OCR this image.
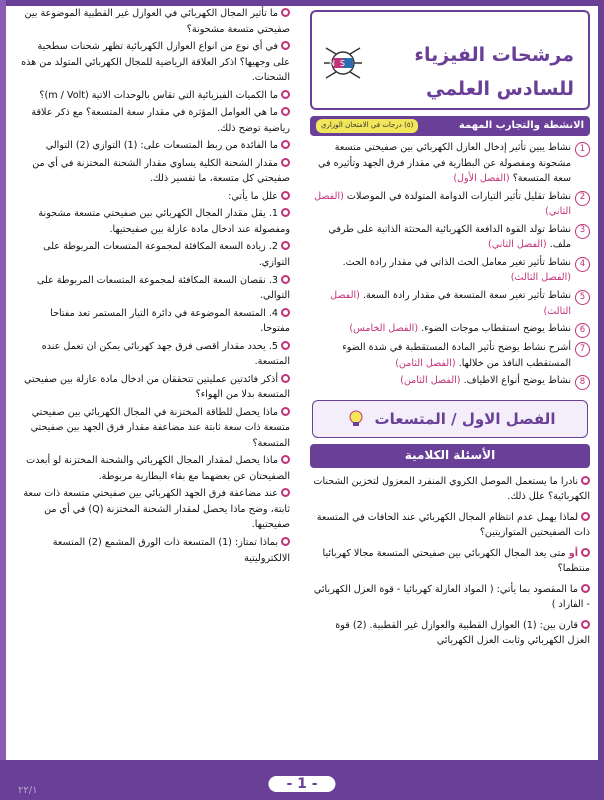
مرشحات الفيزياء
للسادس العلمي
N S
الانشطة والتجارب المهمة
(٥) درجات في الامتحان الوزاري
1
نشاط يبين تأثير إدخال العازل الكهربائي بين صفيحتي متسعة مشحونة ومفصولة عن البطارية في مقدار فرق الجهد وتأثيره في سعة المتسعة؟ (الفصل الأول)
2
نشاط تقليل تأثير التيارات الدوامة المتولدة في الموصلات (الفصل الثاني)
3
نشاط تولد القوة الدافعة الكهربائية المحتثة الذاتية على طرفي ملف. (الفصل الثاني)
4
نشاط تأثير تغير معامل الحث الذاتي في مقدار رادة الحث. (الفصل الثالث)
5
نشاط تأثير تغير سعة المتسعة في مقدار رادة السعة. (الفصل الثالث)
6
نشاط يوضح استقطاب موجات الضوء. (الفصل الخامس)
7
أشرح نشاط يوضح تأثير المادة المستقطبة في شدة الضوء المستقطب النافذ من خلالها. (الفصل الثامن)
8
نشاط يوضح أنواع الاطياف. (الفصل الثامن)
الفصل الاول / المتسعات
الأسئلة الكلامية
نادرا ما يستعمل الموصل الكروي المنفرد المعزول لتخزين الشحنات الكهربائية؟ علل ذلك.
لماذا يهمل عدم انتظام المجال الكهربائي عند الحافات في المتسعة ذات الصفيحتين المتوازيتين؟
أو متى يعد المجال الكهربائي بين صفيحتي المتسعة مجالا كهربائيا منتظما؟
ما المقصود بما يأتي: ( المواد العازلة كهربائيا - قوة العزل الكهربائي - الفاراد )
قارن بين: (1) العوازل القطبية والعوازل غير القطبية. (2) قوة العزل الكهربائي وثابت العزل الكهربائي
ما تأثير المجال الكهربائي في العوازل غير القطبية الموضوعة بين صفيحتي متسعة مشحونة؟
في أي نوع من انواع العوازل الكهربائية تظهر شحنات سطحية على وجهيها؟ اذكر العلاقة الرياضية للمجال الكهربائي المتولد من هذه الشحنات.
ما الكميات الفيزيائية التي تقاس بالوحدات الاتية (m / Volt)؟
ما هي العوامل المؤثرة في مقدار سعة المتسعة؟ مع ذكر علاقة رياضية توضح ذلك.
ما الفائدة من ربط المتسعات على: (1) التوازي (2) التوالي
مقدار الشحنة الكلية يساوي مقدار الشحنة المختزنة في أي من صفيحتي كل متسعة، ما تفسير ذلك.
علل ما يأتي:
1. يقل مقدار المجال الكهربائي بين صفيحتي متسعة مشحونة ومفصولة عند ادخال مادة عازلة بين صفيحتيها.
2. زيادة السعة المكافئة لمجموعة المتسعات المربوطة على التوازي.
3. نقصان السعة المكافئة لمجموعة المتسعات المربوطة على التوالي.
4. المتسعة الموضوعة في دائرة التيار المستمر تعد مفتاحا مفتوحا.
5. يحدد مقدار اقصى فرق جهد كهربائي يمكن ان تعمل عنده المتسعة.
أذكر فائدتين عمليتين تتحققان من ادخال مادة عازلة بين صفيحتي المتسعة بدلا من الهواء؟
ماذا يحصل للطاقة المختزنة في المجال الكهربائي بين صفيحتي متسعة ذات سعة ثابتة عند مضاعفة مقدار فرق الجهد بين صفيحتي المتسعة؟
ماذا يحصل لمقدار المجال الكهربائي والشحنة المختزنة لو أبعدت الصفيحتان عن بعضهما مع بقاء البطارية مربوطة.
عند مضاعفة فرق الجهد الكهربائي بين صفيحتي متسعة ذات سعة ثابتة، وضح ماذا يحصل لمقدار الشحنة المختزنة (Q) في أي من صفيحتيها.
بماذا تمتاز: (1) المتسعة ذات الورق المشمع (2) المتسعة الالكتروليتية
- 1 -
٢٢/١
